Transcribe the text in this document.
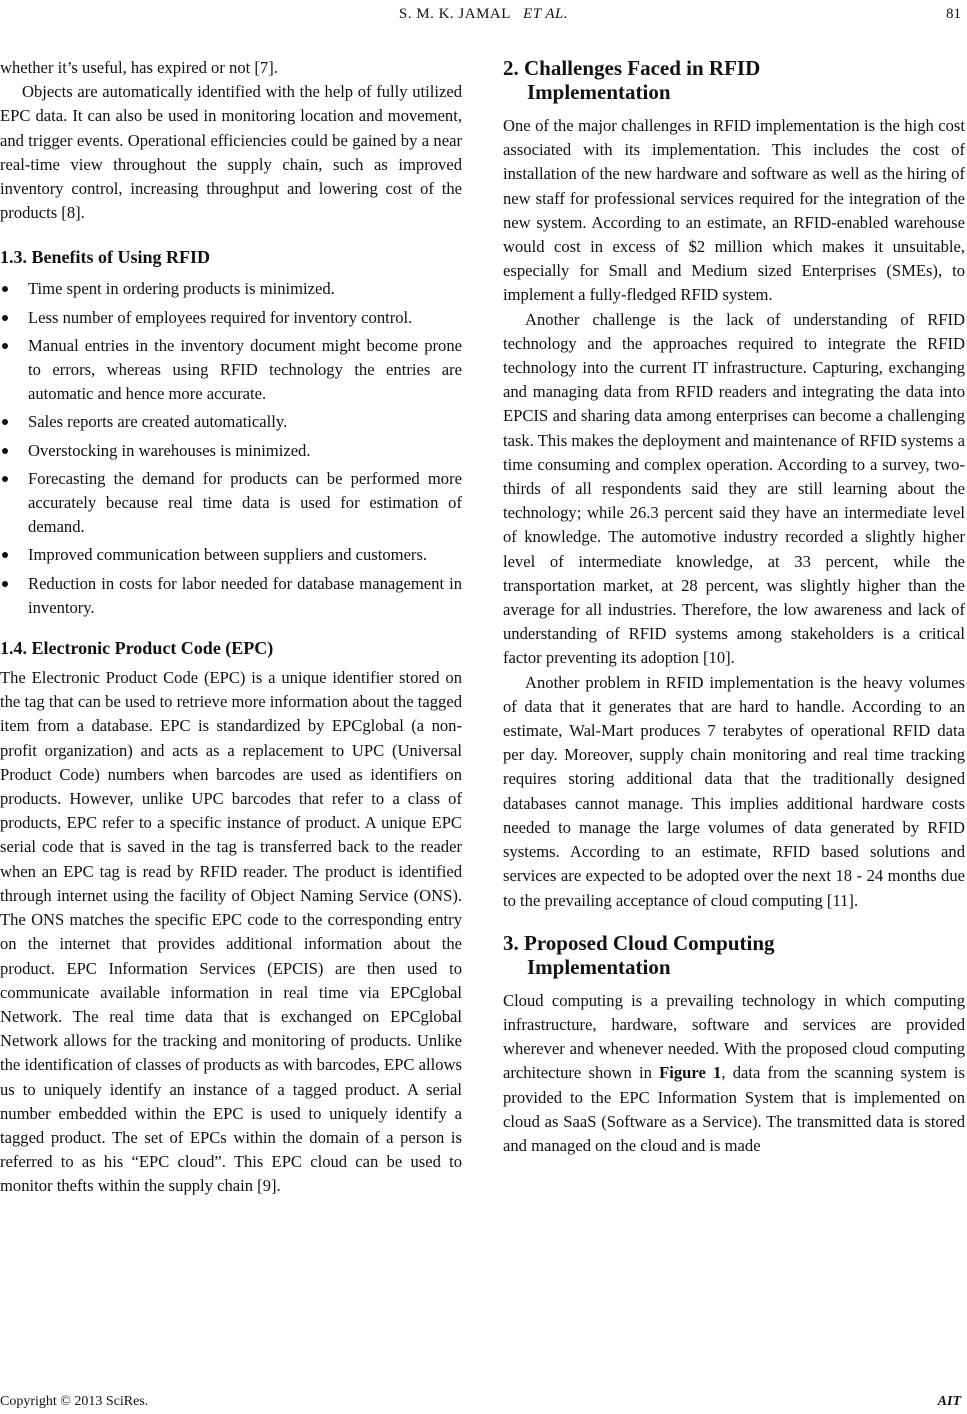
S. M. K. JAMAL ET AL.	81

whether it’s useful, has expired or not [7].

Objects are automatically identified with the help of fully utilized EPC data. It can also be used in monitoring location and movement, and trigger events. Operational efficiencies could be gained by a near real-time view throughout the supply chain, such as improved inventory control, increasing throughput and lowering cost of the products [8].

1.3. Benefits of Using RFID
Time spent in ordering products is minimized.
Less number of employees required for inventory control.
Manual entries in the inventory document might become prone to errors, whereas using RFID technology the entries are automatic and hence more accurate.
Sales reports are created automatically.
Overstocking in warehouses is minimized.
Forecasting the demand for products can be performed more accurately because real time data is used for estimation of demand.
Improved communication between suppliers and customers.
Reduction in costs for labor needed for database management in inventory.
1.4. Electronic Product Code (EPC)

The Electronic Product Code (EPC) is a unique identifier stored on the tag that can be used to retrieve more information about the tagged item from a database. EPC is standardized by EPCglobal (a non-profit organization) and acts as a replacement to UPC (Universal Product Code) numbers when barcodes are used as identifiers on products. However, unlike UPC barcodes that refer to a class of products, EPC refer to a specific instance of product. A unique EPC serial code that is saved in the tag is transferred back to the reader when an EPC tag is read by RFID reader. The product is identified through internet using the facility of Object Naming Service (ONS). The ONS matches the specific EPC code to the corresponding entry on the internet that provides additional information about the product. EPC Information Services (EPCIS) are then used to communicate available information in real time via EPCglobal Network. The real time data that is exchanged on EPCglobal Network allows for the tracking and monitoring of products. Unlike the identification of classes of products as with barcodes, EPC allows us to uniquely identify an instance of a tagged product. A serial number embedded within the EPC is used to uniquely identify a tagged product. The set of EPCs within the domain of a person is referred to as his “EPC cloud”. This EPC cloud can be used to monitor thefts within the supply chain [9].

2. Challenges Faced in RFID
Implementation

One of the major challenges in RFID implementation is the high cost associated with its implementation. This includes the cost of installation of the new hardware and software as well as the hiring of new staff for professional services required for the integration of the new system. According to an estimate, an RFID-enabled warehouse would cost in excess of $2 million which makes it unsuitable, especially for Small and Medium sized Enterprises (SMEs), to implement a fully-fledged RFID system.

Another challenge is the lack of understanding of RFID technology and the approaches required to integrate the RFID technology into the current IT infrastructure. Capturing, exchanging and managing data from RFID readers and integrating the data into EPCIS and sharing data among enterprises can become a challenging task. This makes the deployment and maintenance of RFID systems a time consuming and complex operation. According to a survey, two-thirds of all respondents said they are still learning about the technology; while 26.3 percent said they have an intermediate level of knowledge. The automotive industry recorded a slightly higher level of intermediate knowledge, at 33 percent, while the transportation market, at 28 percent, was slightly higher than the average for all industries. Therefore, the low awareness and lack of understanding of RFID systems among stakeholders is a critical factor preventing its adoption [10].

Another problem in RFID implementation is the heavy volumes of data that it generates that are hard to handle. According to an estimate, Wal-Mart produces 7 terabytes of operational RFID data per day. Moreover, supply chain monitoring and real time tracking requires storing additional data that the traditionally designed databases cannot manage. This implies additional hardware costs needed to manage the large volumes of data generated by RFID systems. According to an estimate, RFID based solutions and services are expected to be adopted over the next 18 - 24 months due to the prevailing acceptance of cloud computing [11].

3. Proposed Cloud Computing
Implementation

Cloud computing is a prevailing technology in which computing infrastructure, hardware, software and services are provided wherever and whenever needed. With the proposed cloud computing architecture shown in Figure 1, data from the scanning system is provided to the EPC Information System that is implemented on cloud as SaaS (Software as a Service). The transmitted data is stored and managed on the cloud and is made

Copyright © 2013 SciRes.	AIT
